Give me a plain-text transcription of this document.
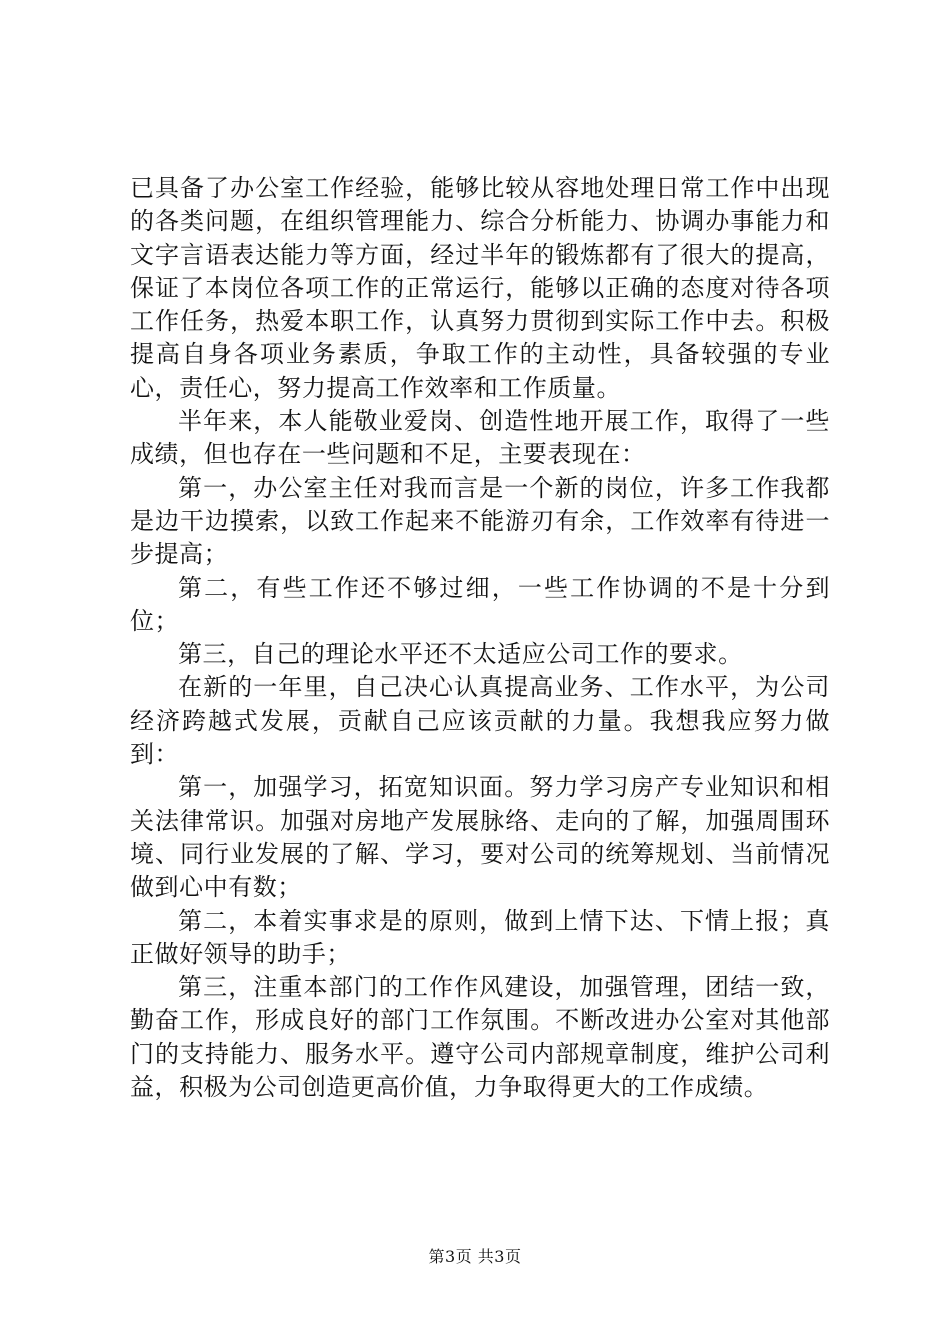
已具备了办公室工作经验，能够比较从容地处理日常工作中出现的各类问题，在组织管理能力、综合分析能力、协调办事能力和文字言语表达能力等方面，经过半年的锻炼都有了很大的提高，保证了本岗位各项工作的正常运行，能够以正确的态度对待各项工作任务，热爱本职工作，认真努力贯彻到实际工作中去。积极提高自身各项业务素质，争取工作的主动性，具备较强的专业心，责任心，努力提高工作效率和工作质量。

半年来，本人能敬业爱岗、创造性地开展工作，取得了一些成绩，但也存在一些问题和不足，主要表现在：

第一，办公室主任对我而言是一个新的岗位，许多工作我都是边干边摸索，以致工作起来不能游刃有余，工作效率有待进一步提高；

第二，有些工作还不够过细，一些工作协调的不是十分到位；

第三，自己的理论水平还不太适应公司工作的要求。

在新的一年里，自己决心认真提高业务、工作水平，为公司经济跨越式发展，贡献自己应该贡献的力量。我想我应努力做到：

第一，加强学习，拓宽知识面。努力学习房产专业知识和相关法律常识。加强对房地产发展脉络、走向的了解，加强周围环境、同行业发展的了解、学习，要对公司的统筹规划、当前情况做到心中有数；

第二，本着实事求是的原则，做到上情下达、下情上报；真正做好领导的助手；

第三，注重本部门的工作作风建设，加强管理，团结一致，勤奋工作，形成良好的部门工作氛围。不断改进办公室对其他部门的支持能力、服务水平。遵守公司内部规章制度，维护公司利益，积极为公司创造更高价值，力争取得更大的工作成绩。

第3页 共3页
